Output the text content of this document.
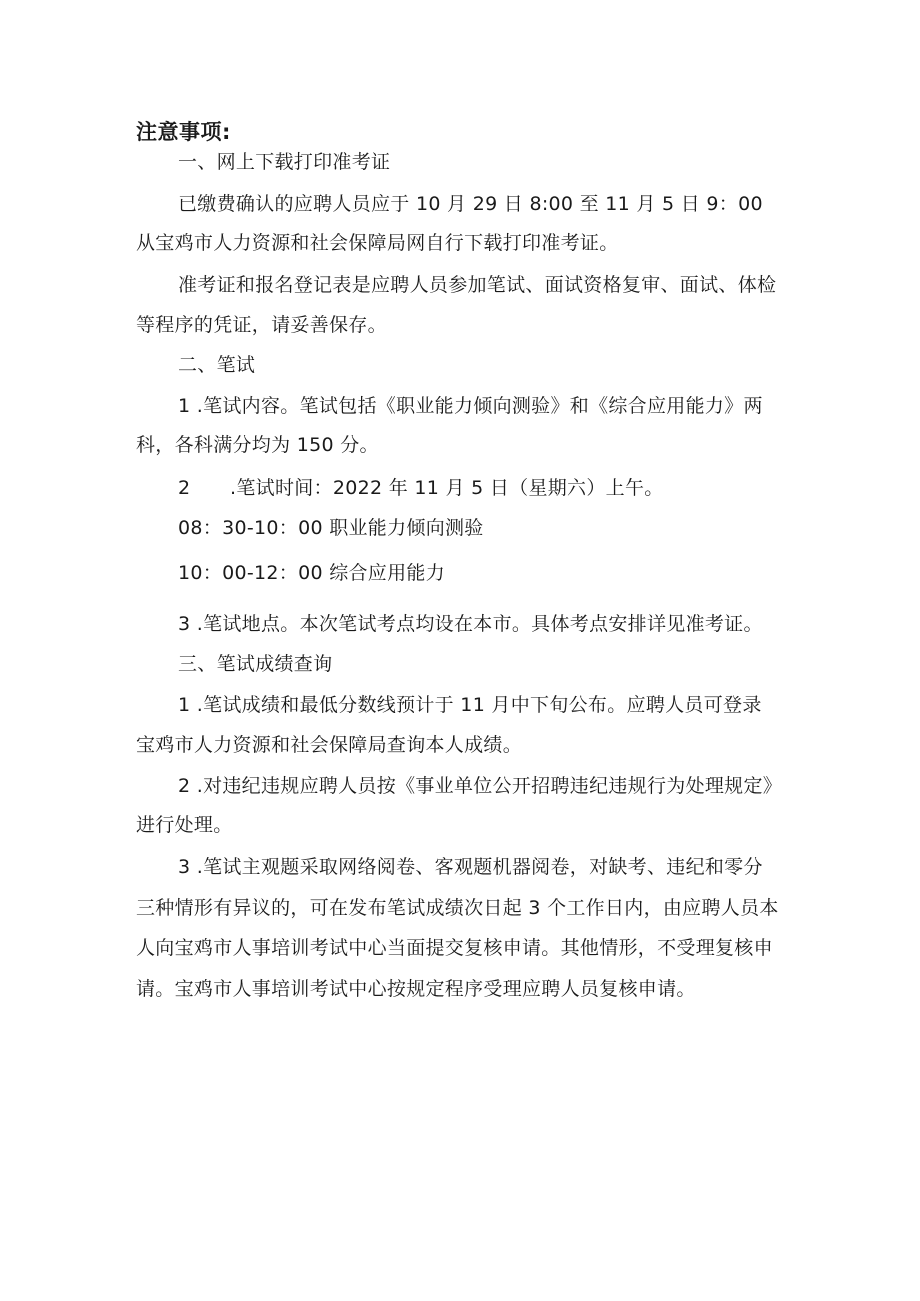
注意事项:
一、网上下载打印准考证
已缴费确认的应聘人员应于 10 月 29 日 8:00 至 11 月 5 日 9：00
从宝鸡市人力资源和社会保障局网自行下载打印准考证。
准考证和报名登记表是应聘人员参加笔试、面试资格复审、面试、体检
等程序的凭证，请妥善保存。
二、笔试
1 .笔试内容。笔试包括《职业能力倾向测验》和《综合应用能力》两
科，各科满分均为 150 分。
2 .笔试时间：2022 年 11 月 5 日（星期六）上午。
08：30-10：00 职业能力倾向测验
10：00-12：00 综合应用能力
3 .笔试地点。本次笔试考点均设在本市。具体考点安排详见准考证。
三、笔试成绩查询
1 .笔试成绩和最低分数线预计于 11 月中下旬公布。应聘人员可登录
宝鸡市人力资源和社会保障局查询本人成绩。
2 .对违纪违规应聘人员按《事业单位公开招聘违纪违规行为处理规定》
进行处理。
3 .笔试主观题采取网络阅卷、客观题机器阅卷，对缺考、违纪和零分
三种情形有异议的，可在发布笔试成绩次日起 3 个工作日内，由应聘人员本
人向宝鸡市人事培训考试中心当面提交复核申请。其他情形，不受理复核申
请。宝鸡市人事培训考试中心按规定程序受理应聘人员复核申请。
